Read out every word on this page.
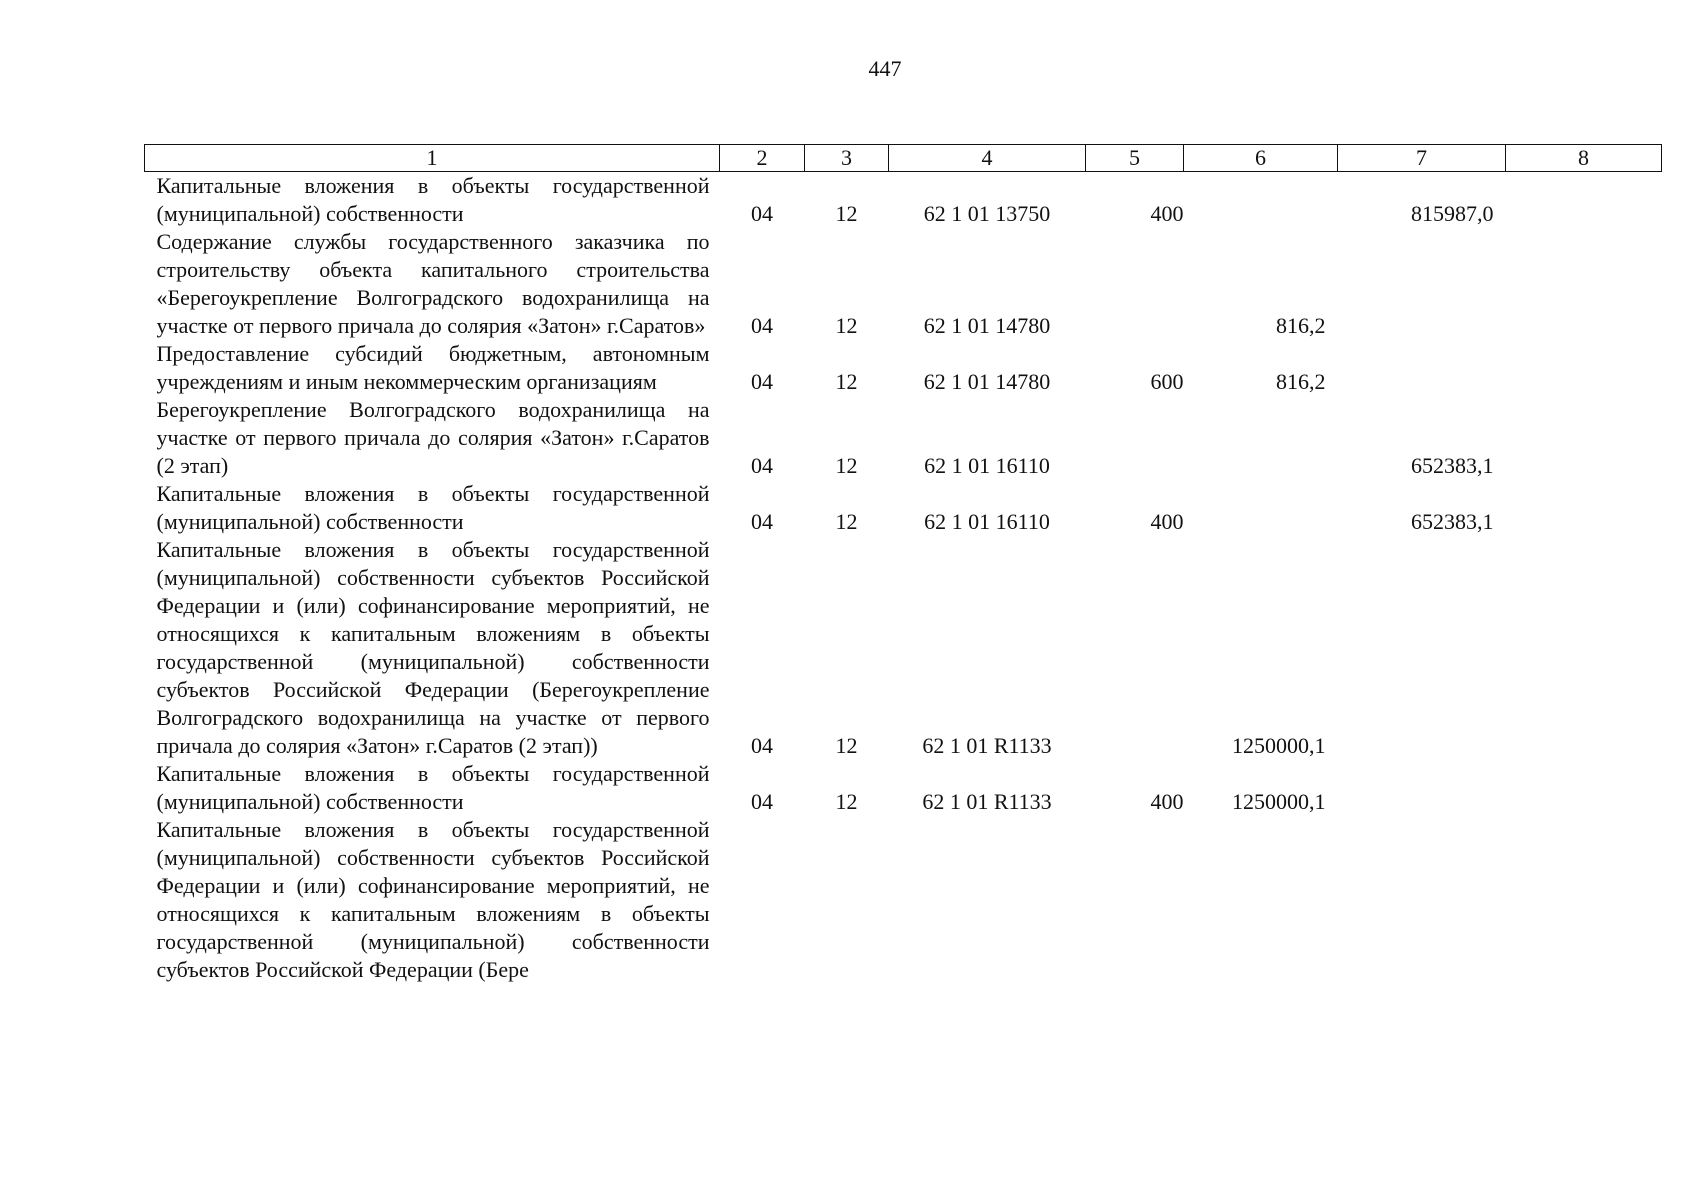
447
1	2	3	4	5	6	7	8
Капитальные вложения в объекты государственной (муниципальной) собственности	04	12	62 1 01 13750	400		815987,0	
Содержание службы государственного заказчика по строительству объекта капитального строительства «Берегоукрепление Волгоградского водохранилища на участке от первого причала до солярия «Затон» г.Саратов»	04	12	62 1 01 14780		816,2		
Предоставление субсидий бюджетным, автономным учреждениям и иным некоммерческим организациям	04	12	62 1 01 14780	600	816,2		
Берегоукрепление Волгоградского водохранилища на участке от первого причала до солярия «Затон» г.Саратов (2 этап)	04	12	62 1 01 16110			652383,1	
Капитальные вложения в объекты государственной (муниципальной) собственности	04	12	62 1 01 16110	400		652383,1	
Капитальные вложения в объекты государственной (муниципальной) собственности субъектов Российской Федерации и (или) софинансирование мероприятий, не относящихся к капитальным вложениям в объекты государственной (муниципальной) собственности субъектов Российской Федерации (Берегоукрепление Волгоградского водохранилища на участке от первого причала до солярия «Затон» г.Саратов (2 этап))	04	12	62 1 01 R1133		1250000,1		
Капитальные вложения в объекты государственной (муниципальной) собственности	04	12	62 1 01 R1133	400	1250000,1		
Капитальные вложения в объекты государственной (муниципальной) собственности субъектов Российской Федерации и (или) софинансирование мероприятий, не относящихся к капитальным вложениям в объекты государственной (муниципальной) собственности субъектов Российской Федерации (Бере							
